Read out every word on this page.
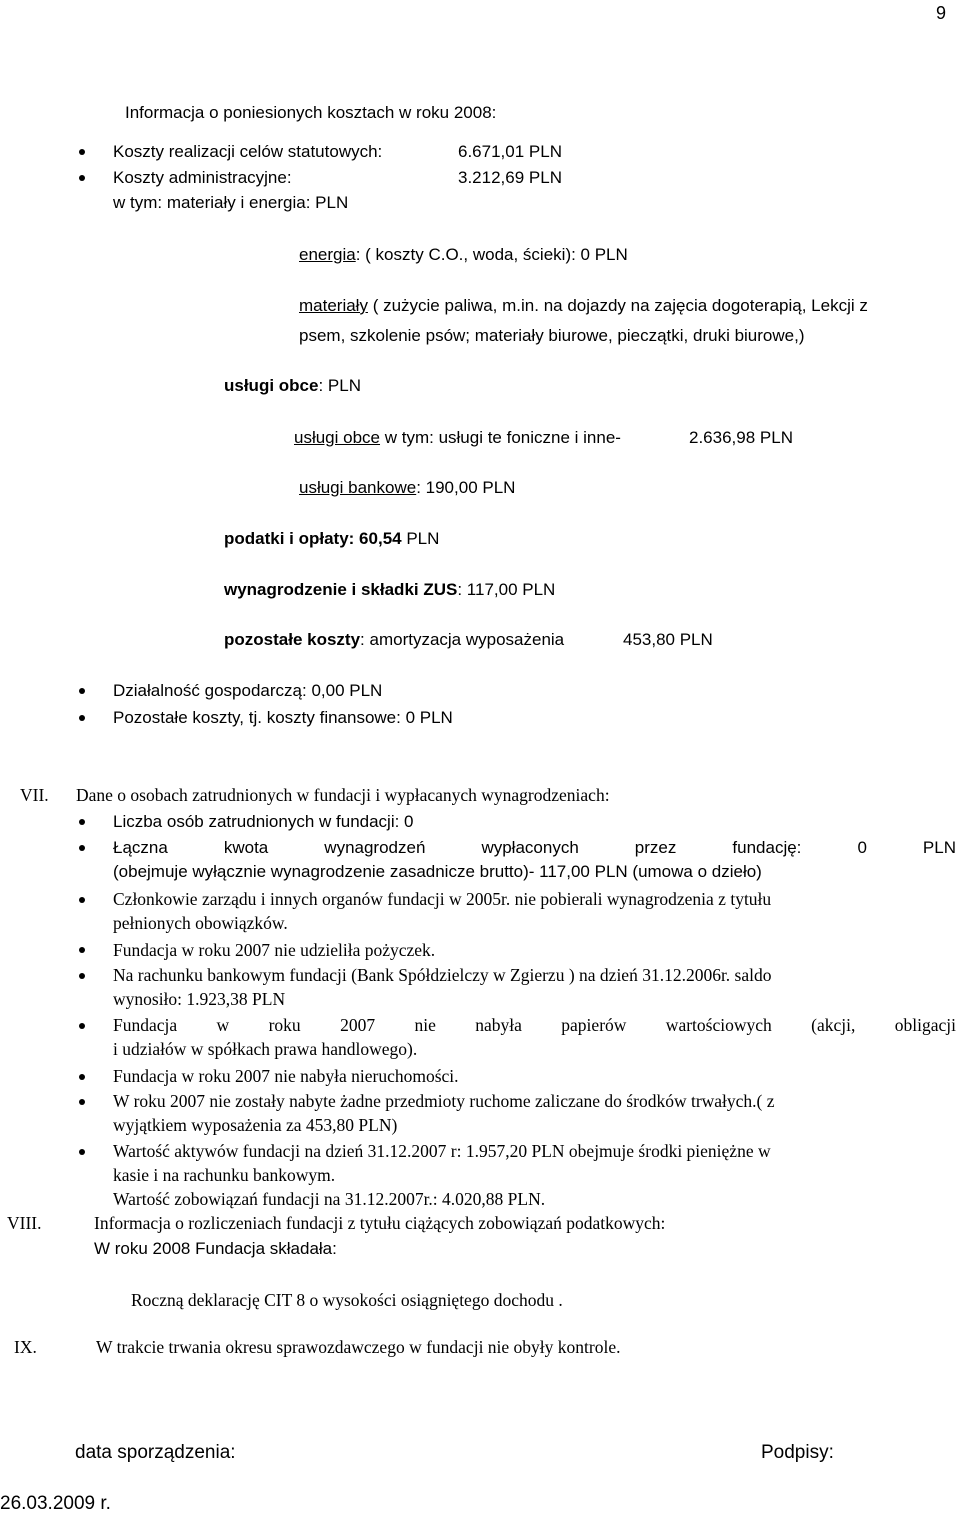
9
Informacja o poniesionych kosztach w roku 2008:
Koszty realizacji celów statutowych:	6.671,01 PLN
Koszty administracyjne:	3.212,69 PLN
w tym: materiały i energia: PLN
energia: ( koszty C.O., woda, ścieki): 0 PLN
materiały ( zużycie paliwa, m.in. na dojazdy na zajęcia dogoterapią, Lekcji z
psem, szkolenie psów; materiały biurowe, pieczątki, druki biurowe,)
usługi obce: PLN
usługi obce w tym: usługi te foniczne i inne-	2.636,98 PLN
usługi bankowe: 190,00 PLN
podatki i opłaty: 60,54 PLN
wynagrodzenie i składki ZUS: 117,00 PLN
pozostałe koszty: amortyzacja wyposażenia	453,80 PLN
Działalność gospodarczą: 0,00 PLN
Pozostałe koszty, tj. koszty finansowe: 0 PLN
VII. Dane o osobach zatrudnionych w fundacji i wypłacanych wynagrodzeniach:
Liczba osób zatrudnionych w fundacji: 0
Łączna kwota wynagrodzeń wypłaconych przez fundację: 0 PLN
(obejmuje wyłącznie wynagrodzenie zasadnicze brutto)- 117,00 PLN (umowa o dzieło)
Członkowie zarządu i innych organów fundacji w 2005r. nie pobierali wynagrodzenia z tytułu
pełnionych obowiązków.
Fundacja w roku 2007 nie udzieliła pożyczek.
Na rachunku bankowym fundacji (Bank Spółdzielczy w Zgierzu ) na dzień 31.12.2006r. saldo
wynosiło: 1.923,38 PLN
Fundacja w roku 2007 nie nabyła papierów wartościowych (akcji, obligacji
i udziałów w spółkach prawa handlowego).
Fundacja w roku 2007 nie nabyła nieruchomości.
W roku 2007 nie zostały nabyte żadne przedmioty ruchome zaliczane do środków trwałych.( z
wyjątkiem wyposażenia za 453,80 PLN)
Wartość aktywów fundacji na dzień 31.12.2007 r: 1.957,20 PLN obejmuje środki pieniężne w
kasie i na rachunku bankowym.
Wartość zobowiązań fundacji na 31.12.2007r.: 4.020,88 PLN.
VIII.	Informacja o rozliczeniach fundacji z tytułu ciążących zobowiązań podatkowych:
W roku 2008 Fundacja składała:
Roczną deklarację CIT 8 o wysokości osiągniętego dochodu .
IX.	W trakcie trwania okresu sprawozdawczego w fundacji nie obyły kontrole.
data sporządzenia:	Podpisy:
26.03.2009 r.
